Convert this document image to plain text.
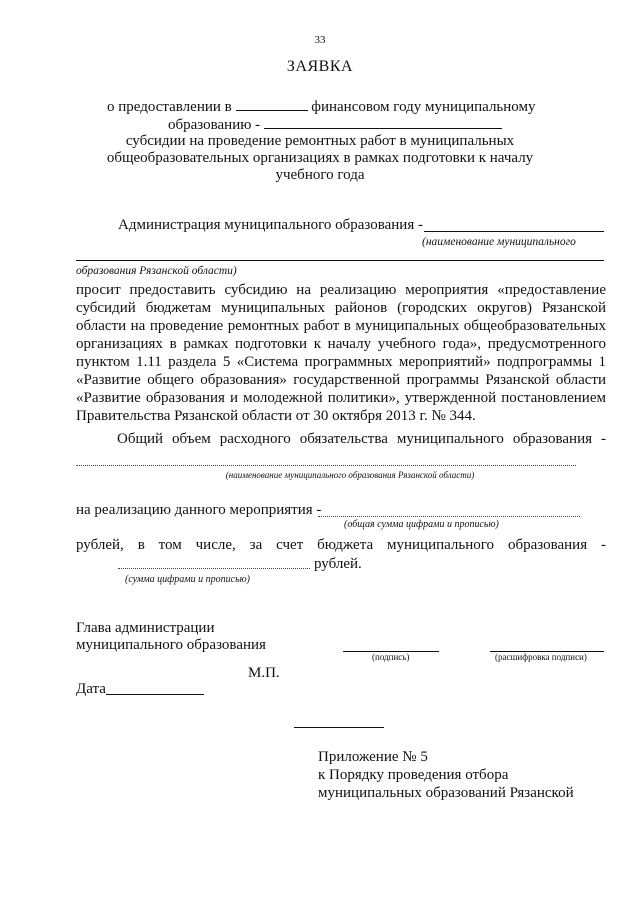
33
ЗАЯВКА
о предоставлении в	финансовом году муниципальному
образованию -
субсидии на проведение ремонтных работ в муниципальных
общеобразовательных организациях в рамках подготовки к началу
учебного года
Администрация муниципального образования -
(наименование муниципального
образования Рязанской области)
просит предоставить субсидию на реализацию мероприятия «предоставление
субсидий бюджетам муниципальных районов (городских округов) Рязанской
области на проведение ремонтных работ в муниципальных общеобразовательных
организациях в рамках подготовки к началу учебного года», предусмотренного
пунктом 1.11 раздела 5 «Система программных мероприятий» подпрограммы 1
«Развитие общего образования» государственной программы Рязанской области
«Развитие образования и молодежной политики», утвержденной постановлением
Правительства Рязанской области от 30 октября 2013 г. № 344.
Общий объем расходного обязательства муниципального образования -
(наименование муниципального образования Рязанской области)
на реализацию данного мероприятия -
(общая сумма цифрами и прописью)
рублей, в том числе, за счет бюджета муниципального образования -
рублей.
(сумма цифрами и прописью)
Глава администрации
муниципального образования
(подпись)	(расшифровка подписи)
М.П.
Дата
Приложение № 5
к Порядку проведения отбора
муниципальных образований Рязанской
